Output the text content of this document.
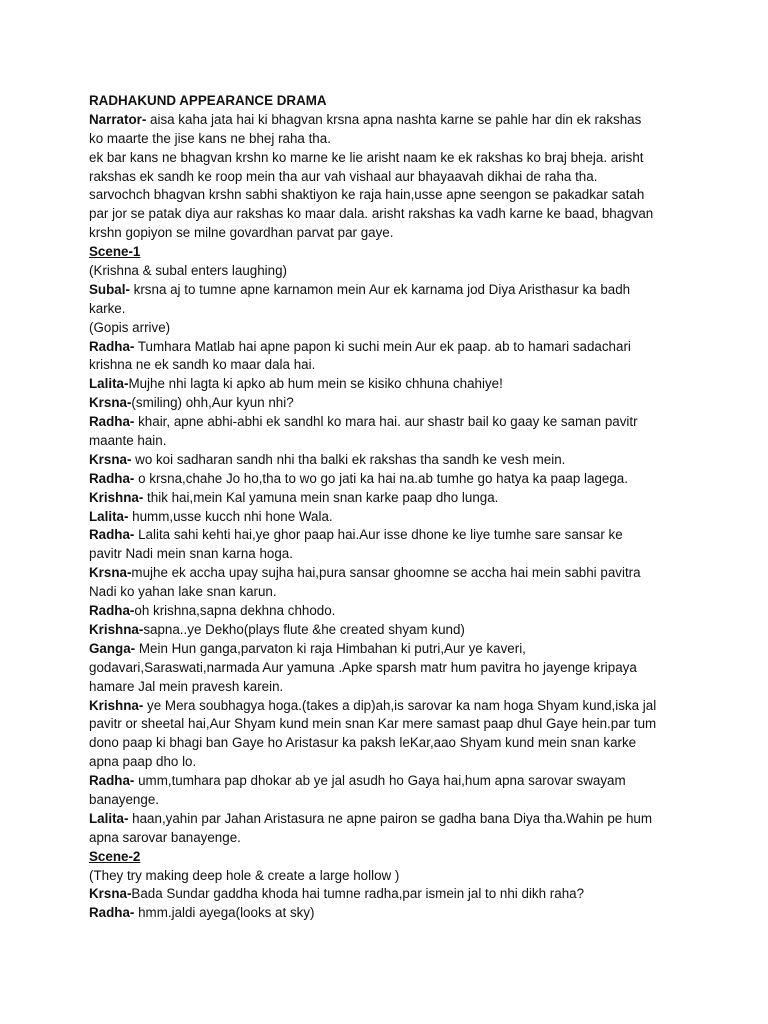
RADHAKUND APPEARANCE DRAMA
Narrator- aisa kaha jata hai ki bhagvan krsna apna nashta karne se pahle har din ek rakshas
ko maarte the jise kans ne bhej raha tha.
ek bar kans ne bhagvan krshn ko marne ke lie arisht naam ke ek rakshas ko braj bheja. arisht
rakshas ek sandh ke roop mein tha aur vah vishaal aur bhayaavah dikhai de raha tha.
sarvochch bhagvan krshn sabhi shaktiyon ke raja hain,usse apne seengon se pakadkar satah
par jor se patak diya aur rakshas ko maar dala. arisht rakshas ka vadh karne ke baad, bhagvan
krshn gopiyon se milne govardhan parvat par gaye.
Scene-1
(Krishna & subal enters laughing)
Subal- krsna aj to tumne apne karnamon mein Aur ek karnama jod Diya Aristhasur ka badh
karke.
(Gopis arrive)
Radha- Tumhara Matlab hai apne papon ki suchi mein Aur ek paap. ab to hamari sadachari
krishna ne ek sandh ko maar dala hai.
Lalita-Mujhe nhi lagta ki apko ab hum mein se kisiko chhuna chahiye!
Krsna-(smiling) ohh,Aur kyun nhi?
Radha- khair, apne abhi-abhi ek sandhl ko mara hai. aur shastr bail ko gaay ke saman pavitr
maante hain.
Krsna- wo koi sadharan sandh nhi tha balki ek rakshas tha sandh ke vesh mein.
Radha- o krsna,chahe Jo ho,tha to wo go jati ka hai na.ab tumhe go hatya ka paap lagega.
Krishna- thik hai,mein Kal yamuna mein snan karke paap dho lunga.
Lalita- humm,usse kucch nhi hone Wala.
Radha- Lalita sahi kehti hai,ye ghor paap hai.Aur isse dhone ke liye tumhe sare sansar ke
pavitr Nadi mein snan karna hoga.
Krsna-mujhe ek accha upay sujha hai,pura sansar ghoomne se accha hai mein sabhi pavitra
Nadi ko yahan lake snan karun.
Radha-oh krishna,sapna dekhna chhodo.
Krishna-sapna..ye Dekho(plays flute &he created shyam kund)
Ganga- Mein Hun ganga,parvaton ki raja Himbahan ki putri,Aur ye kaveri,
godavari,Saraswati,narmada Aur yamuna .Apke sparsh matr hum pavitra ho jayenge kripaya
hamare Jal mein pravesh karein.
Krishna- ye Mera soubhagya hoga.(takes a dip)ah,is sarovar ka nam hoga Shyam kund,iska jal
pavitr or sheetal hai,Aur Shyam kund mein snan Kar mere samast paap dhul Gaye hein.par tum
dono paap ki bhagi ban Gaye ho Aristasur ka paksh leKar,aao Shyam kund mein snan karke
apna paap dho lo.
Radha- umm,tumhara pap dhokar ab ye jal asudh ho Gaya hai,hum apna sarovar swayam
banayenge.
Lalita- haan,yahin par Jahan Aristasura ne apne pairon se gadha bana Diya tha.Wahin pe hum
apna sarovar banayenge.
Scene-2
(They try making deep hole & create a large hollow )
Krsna-Bada Sundar gaddha khoda hai tumne radha,par ismein jal to nhi dikh raha?
Radha- hmm.jaldi ayega(looks at sky)
